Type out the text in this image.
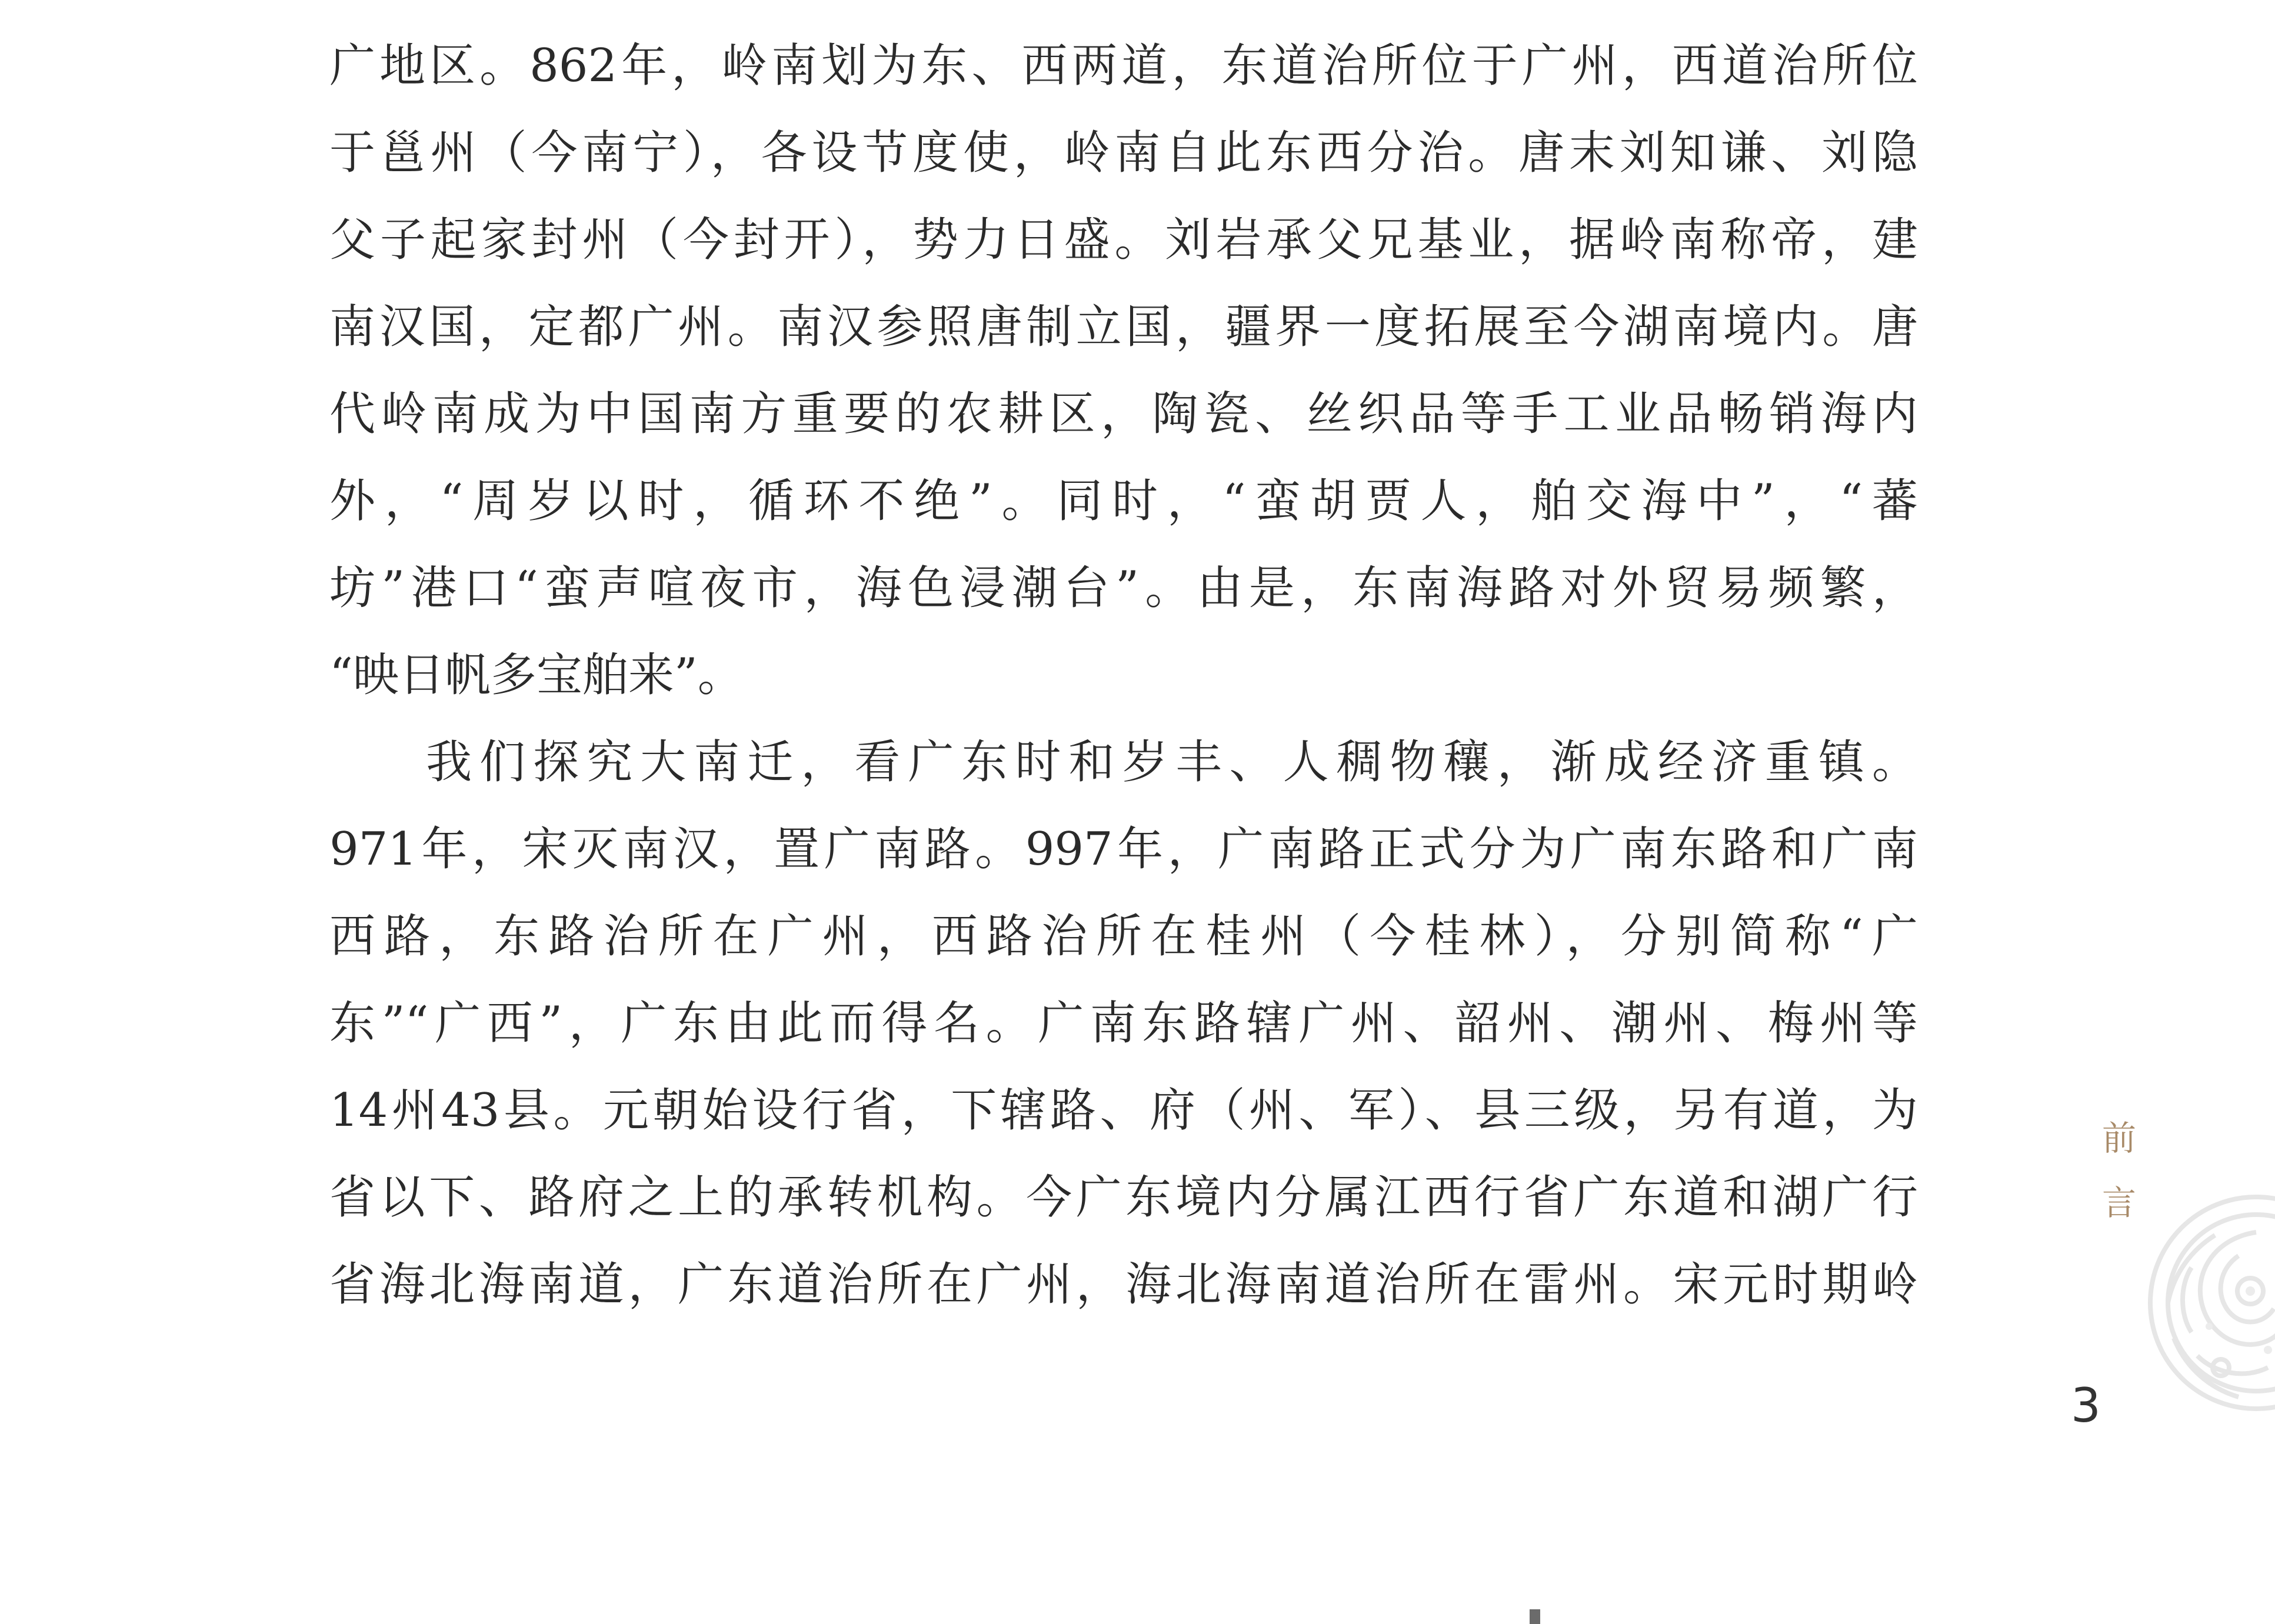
广地区。862年，岭南划为东、西两道，东道治所位于广州，西道治所位
于邕州（今南宁），各设节度使，岭南自此东西分治。唐末刘知谦、刘隐
父子起家封州（今封开），势力日盛。刘岩承父兄基业，据岭南称帝，建
南汉国，定都广州。南汉参照唐制立国，疆界一度拓展至今湖南境内。唐
代岭南成为中国南方重要的农耕区，陶瓷、丝织品等手工业品畅销海内
外，“周岁以时，循环不绝”。同时，“蛮胡贾人，舶交海中”，“蕃
坊”港口“蛮声喧夜市，海色浸潮台”。由是，东南海路对外贸易频繁，
“映日帆多宝舶来”。
我们探究大南迁，看广东时和岁丰、人稠物穰，渐成经济重镇。
971年，宋灭南汉，置广南路。997年，广南路正式分为广南东路和广南
西路，东路治所在广州，西路治所在桂州（今桂林），分别简称“广
东”“广西”，广东由此而得名。广南东路辖广州、韶州、潮州、梅州等
14州43县。元朝始设行省，下辖路、府（州、军）、县三级，另有道，为
省以下、路府之上的承转机构。今广东境内分属江西行省广东道和湖广行
省海北海南道，广东道治所在广州，海北海南道治所在雷州。宋元时期岭
前
言
3
